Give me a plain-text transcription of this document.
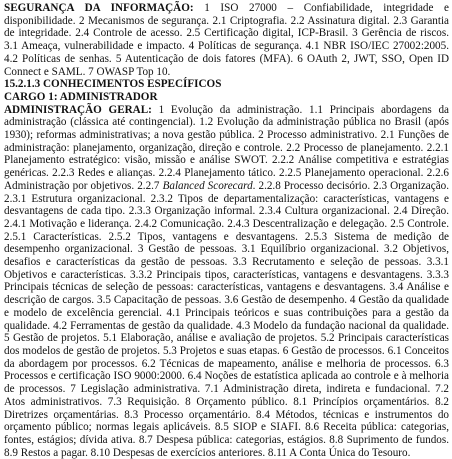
SEGURANÇA DA INFORMAÇÃO: 1 ISO 27000 – Confiabilidade, integridade e disponibilidade. 2 Mecanismos de segurança. 2.1 Criptografia. 2.2 Assinatura digital. 2.3 Garantia de integridade. 2.4 Controle de acesso. 2.5 Certificação digital, ICP-Brasil. 3 Gerência de riscos. 3.1 Ameaça, vulnerabilidade e impacto. 4 Políticas de segurança. 4.1 NBR ISO/IEC 27002:2005. 4.2 Políticas de senhas. 5 Autenticação de dois fatores (MFA). 6 OAuth 2, JWT, SSO, Open ID Connect e SAML. 7 OWASP Top 10.

15.2.1.3 CONHECIMENTOS ESPECÍFICOS

CARGO 1: ADMINISTRADOR

ADMINISTRAÇÃO GERAL: 1 Evolução da administração. 1.1 Principais abordagens da administração (clássica até contingencial). 1.2 Evolução da administração pública no Brasil (após 1930); reformas administrativas; a nova gestão pública. 2 Processo administrativo. 2.1 Funções de administração: planejamento, organização, direção e controle. 2.2 Processo de planejamento. 2.2.1 Planejamento estratégico: visão, missão e análise SWOT. 2.2.2 Análise competitiva e estratégias genéricas. 2.2.3 Redes e alianças. 2.2.4 Planejamento tático. 2.2.5 Planejamento operacional. 2.2.6 Administração por objetivos. 2.2.7 Balanced Scorecard. 2.2.8 Processo decisório. 2.3 Organização. 2.3.1 Estrutura organizacional. 2.3.2 Tipos de departamentalização: características, vantagens e desvantagens de cada tipo. 2.3.3 Organização informal. 2.3.4 Cultura organizacional. 2.4 Direção. 2.4.1 Motivação e liderança. 2.4.2 Comunicação. 2.4.3 Descentralização e delegação. 2.5 Controle. 2.5.1 Características. 2.5.2 Tipos, vantagens e desvantagens. 2.5.3 Sistema de medição de desempenho organizacional. 3 Gestão de pessoas. 3.1 Equilíbrio organizacional. 3.2 Objetivos, desafios e características da gestão de pessoas. 3.3 Recrutamento e seleção de pessoas. 3.3.1 Objetivos e características. 3.3.2 Principais tipos, características, vantagens e desvantagens. 3.3.3 Principais técnicas de seleção de pessoas: características, vantagens e desvantagens. 3.4 Análise e descrição de cargos. 3.5 Capacitação de pessoas. 3.6 Gestão de desempenho. 4 Gestão da qualidade e modelo de excelência gerencial. 4.1 Principais teóricos e suas contribuições para a gestão da qualidade. 4.2 Ferramentas de gestão da qualidade. 4.3 Modelo da fundação nacional da qualidade. 5 Gestão de projetos. 5.1 Elaboração, análise e avaliação de projetos. 5.2 Principais características dos modelos de gestão de projetos. 5.3 Projetos e suas etapas. 6 Gestão de processos. 6.1 Conceitos da abordagem por processos. 6.2 Técnicas de mapeamento, análise e melhoria de processos. 6.3 Processos e certificação ISO 9000:2000. 6.4 Noções de estatística aplicada ao controle e à melhoria de processos. 7 Legislação administrativa. 7.1 Administração direta, indireta e fundacional. 7.2 Atos administrativos. 7.3 Requisição. 8 Orçamento público. 8.1 Princípios orçamentários. 8.2 Diretrizes orçamentárias. 8.3 Processo orçamentário. 8.4 Métodos, técnicas e instrumentos do orçamento público; normas legais aplicáveis. 8.5 SIOP e SIAFI. 8.6 Receita pública: categorias, fontes, estágios; dívida ativa. 8.7 Despesa pública: categorias, estágios. 8.8 Suprimento de fundos. 8.9 Restos a pagar. 8.10 Despesas de exercícios anteriores. 8.11 A Conta Única do Tesouro.
